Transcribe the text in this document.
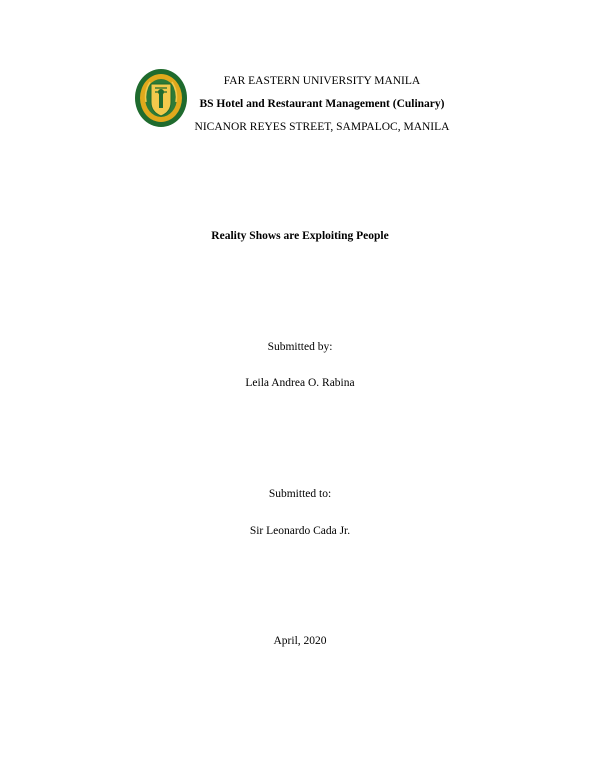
FAR EASTERN UNIVERSITY MANILA
BS Hotel and Restaurant Management (Culinary)
NICANOR REYES STREET, SAMPALOC, MANILA
Reality Shows are Exploiting People
Submitted by:
Leila Andrea O. Rabina
Submitted to:
Sir Leonardo Cada Jr.
April, 2020
